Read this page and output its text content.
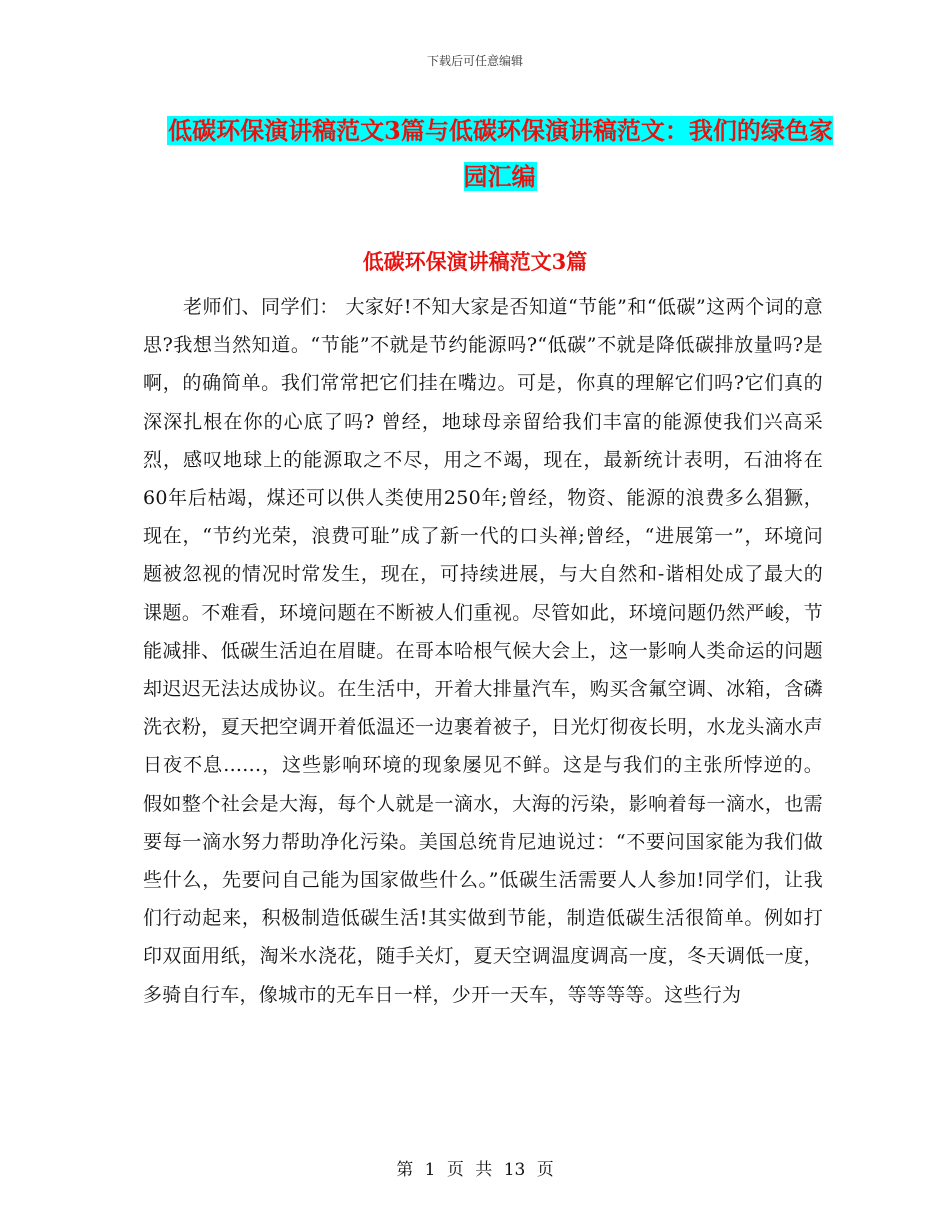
下载后可任意编辑
低碳环保演讲稿范文3篇与低碳环保演讲稿范文：我们的绿色家园汇编
低碳环保演讲稿范文3篇

老师们、同学们： 大家好!不知大家是否知道“节能”和“低碳”这两个词的意思?我想当然知道。“节能”不就是节约能源吗?“低碳”不就是降低碳排放量吗?是啊，的确简单。我们常常把它们挂在嘴边。可是，你真的理解它们吗?它们真的深深扎根在你的心底了吗? 曾经，地球母亲留给我们丰富的能源使我们兴高采烈，感叹地球上的能源取之不尽，用之不竭，现在，最新统计表明，石油将在60年后枯竭，煤还可以供人类使用250年;曾经，物资、能源的浪费多么猖獗，现在，“节约光荣，浪费可耻”成了新一代的口头禅;曾经，“进展第一”，环境问题被忽视的情况时常发生，现在，可持续进展，与大自然和-谐相处成了最大的课题。不难看，环境问题在不断被人们重视。尽管如此，环境问题仍然严峻，节能减排、低碳生活迫在眉睫。在哥本哈根气候大会上，这一影响人类命运的问题却迟迟无法达成协议。在生活中，开着大排量汽车，购买含氟空调、冰箱，含磷洗衣粉，夏天把空调开着低温还一边裹着被子，日光灯彻夜长明，水龙头滴水声日夜不息......，这些影响环境的现象屡见不鲜。这是与我们的主张所悖逆的。 假如整个社会是大海，每个人就是一滴水，大海的污染，影响着每一滴水，也需要每一滴水努力帮助净化污染。美国总统肯尼迪说过：“不要问国家能为我们做些什么，先要问自己能为国家做些什么。”低碳生活需要人人参加!同学们，让我们行动起来，积极制造低碳生活!其实做到节能，制造低碳生活很简单。例如打印双面用纸，淘米水浇花，随手关灯，夏天空调温度调高一度，冬天调低一度，多骑自行车，像城市的无车日一样，少开一天车，等等等等。这些行为

第 1 页 共 13 页
